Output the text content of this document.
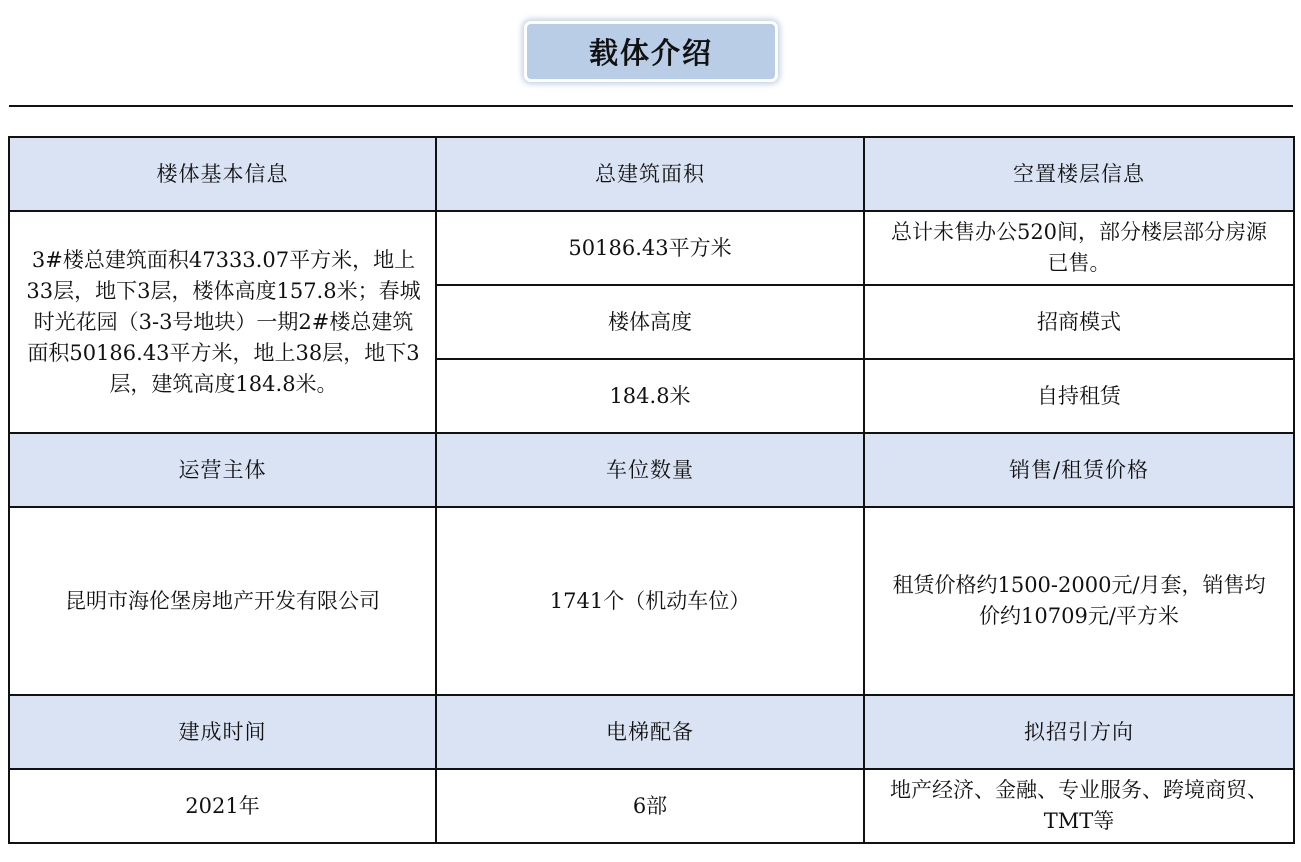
载体介绍
楼体基本信息	总建筑面积	空置楼层信息
3#楼总建筑面积47333.07平方米，地上33层，地下3层，楼体高度157.8米；春城时光花园（3-3号地块）一期2#楼总建筑面积50186.43平方米，地上38层，地下3层，建筑高度184.8米。	50186.43平方米	总计未售办公520间，部分楼层部分房源已售。
	楼体高度	招商模式
	184.8米	自持租赁
运营主体	车位数量	销售/租赁价格
昆明市海伦堡房地产开发有限公司	1741个（机动车位）	租赁价格约1500-2000元/月套，销售均价约10709元/平方米
建成时间	电梯配备	拟招引方向
2021年	6部	地产经济、金融、专业服务、跨境商贸、TMT等
